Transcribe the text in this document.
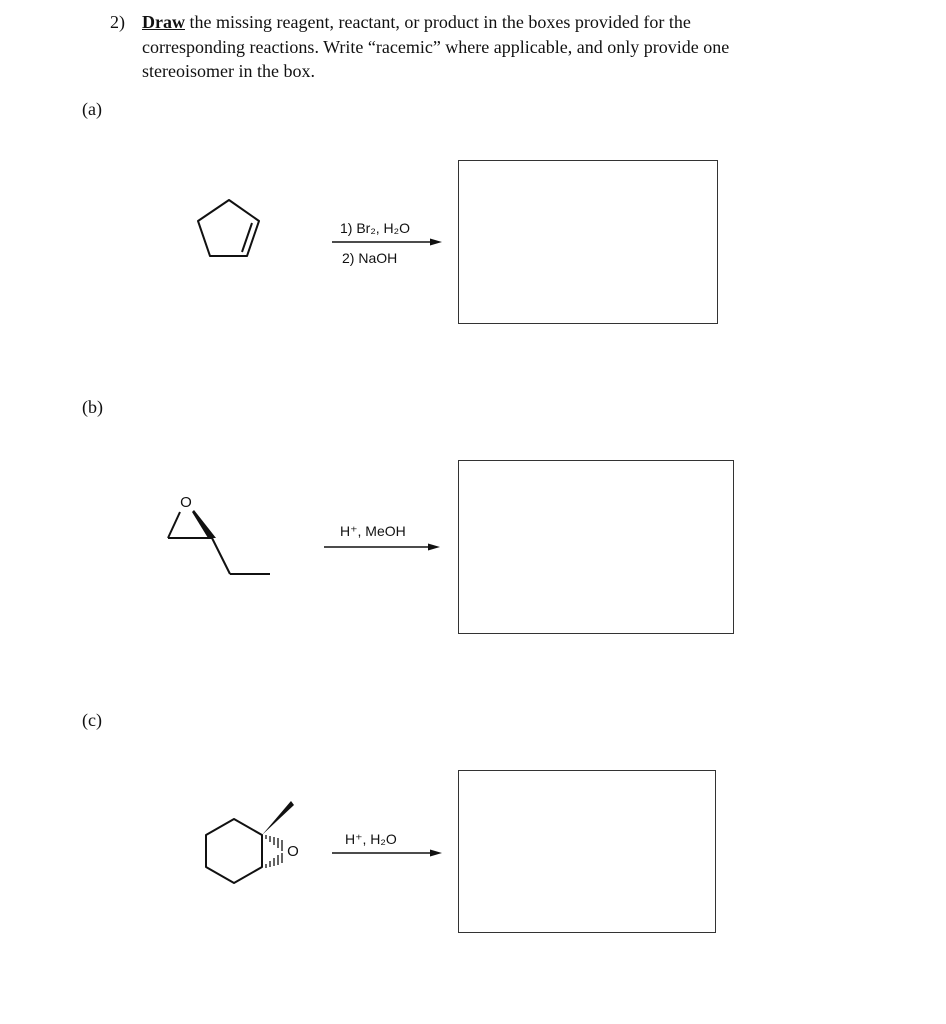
2) Draw the missing reagent, reactant, or product in the boxes provided for the
corresponding reactions. Write “racemic” where applicable, and only provide one
stereoisomer in the box.
(a)
1) Br₂, H₂O
2) NaOH
(b)
O
H⁺, MeOH
(c)
O
H⁺, H₂O
